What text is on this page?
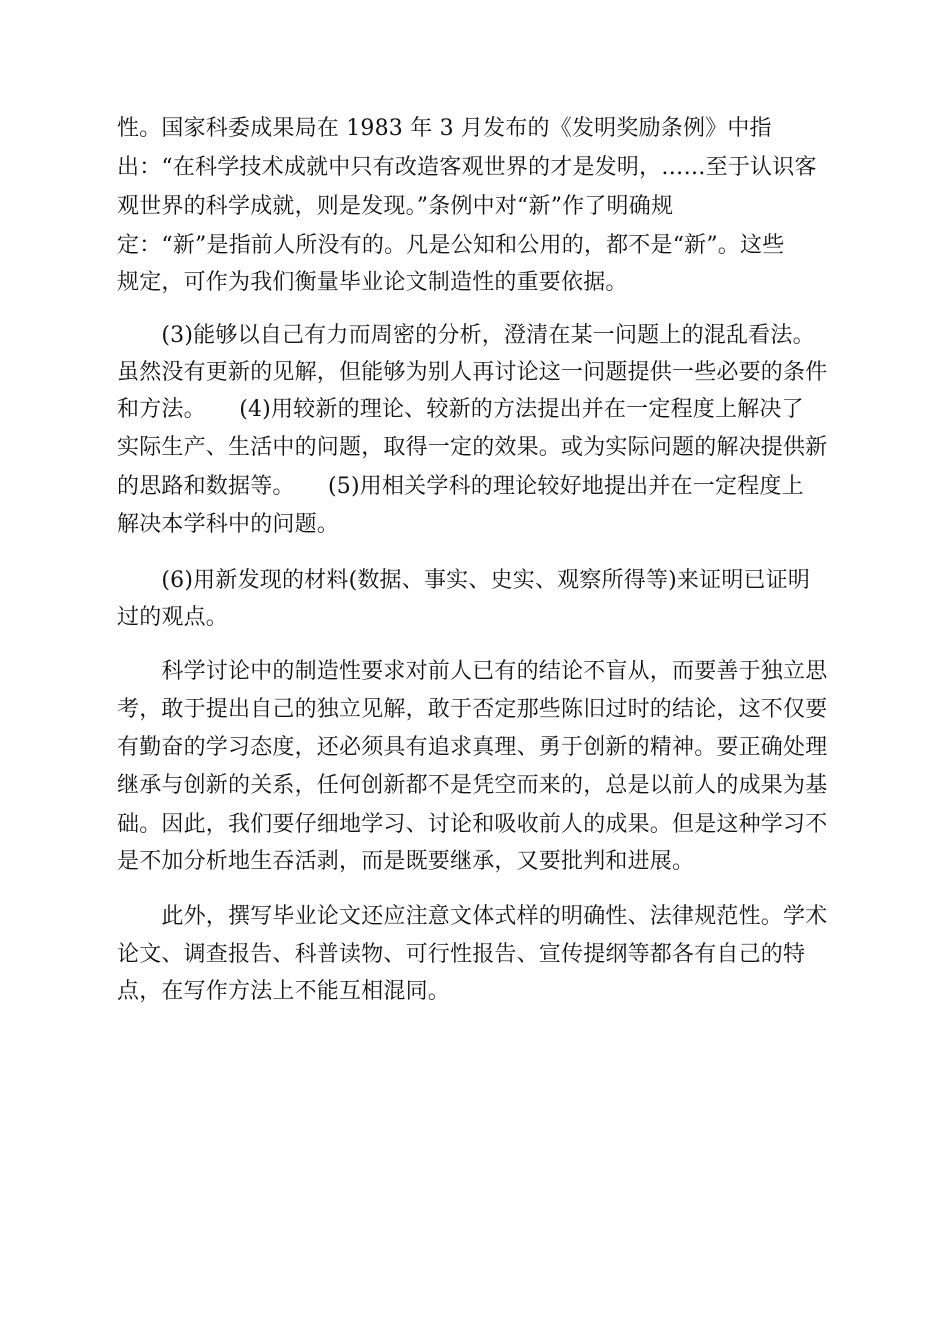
性。国家科委成果局在 1983 年 3 月发布的《发明奖励条例》中指
出：“在科学技术成就中只有改造客观世界的才是发明，……至于认识客
观世界的科学成就，则是发现。”条例中对“新”作了明确规
定：“新”是指前人所没有的。凡是公知和公用的，都不是“新”。这些
规定，可作为我们衡量毕业论文制造性的重要依据。
　　(3)能够以自己有力而周密的分析，澄清在某一问题上的混乱看法。
虽然没有更新的见解，但能够为别人再讨论这一问题提供一些必要的条件
和方法。　　(4)用较新的理论、较新的方法提出并在一定程度上解决了
实际生产、生活中的问题，取得一定的效果。或为实际问题的解决提供新
的思路和数据等。　　(5)用相关学科的理论较好地提出并在一定程度上
解决本学科中的问题。
　　(6)用新发现的材料(数据、事实、史实、观察所得等)来证明已证明
过的观点。
　　科学讨论中的制造性要求对前人已有的结论不盲从，而要善于独立思
考，敢于提出自己的独立见解，敢于否定那些陈旧过时的结论，这不仅要
有勤奋的学习态度，还必须具有追求真理、勇于创新的精神。要正确处理
继承与创新的关系，任何创新都不是凭空而来的，总是以前人的成果为基
础。因此，我们要仔细地学习、讨论和吸收前人的成果。但是这种学习不
是不加分析地生吞活剥，而是既要继承，又要批判和进展。
　　此外，撰写毕业论文还应注意文体式样的明确性、法律规范性。学术
论文、调查报告、科普读物、可行性报告、宣传提纲等都各有自己的特
点，在写作方法上不能互相混同。
